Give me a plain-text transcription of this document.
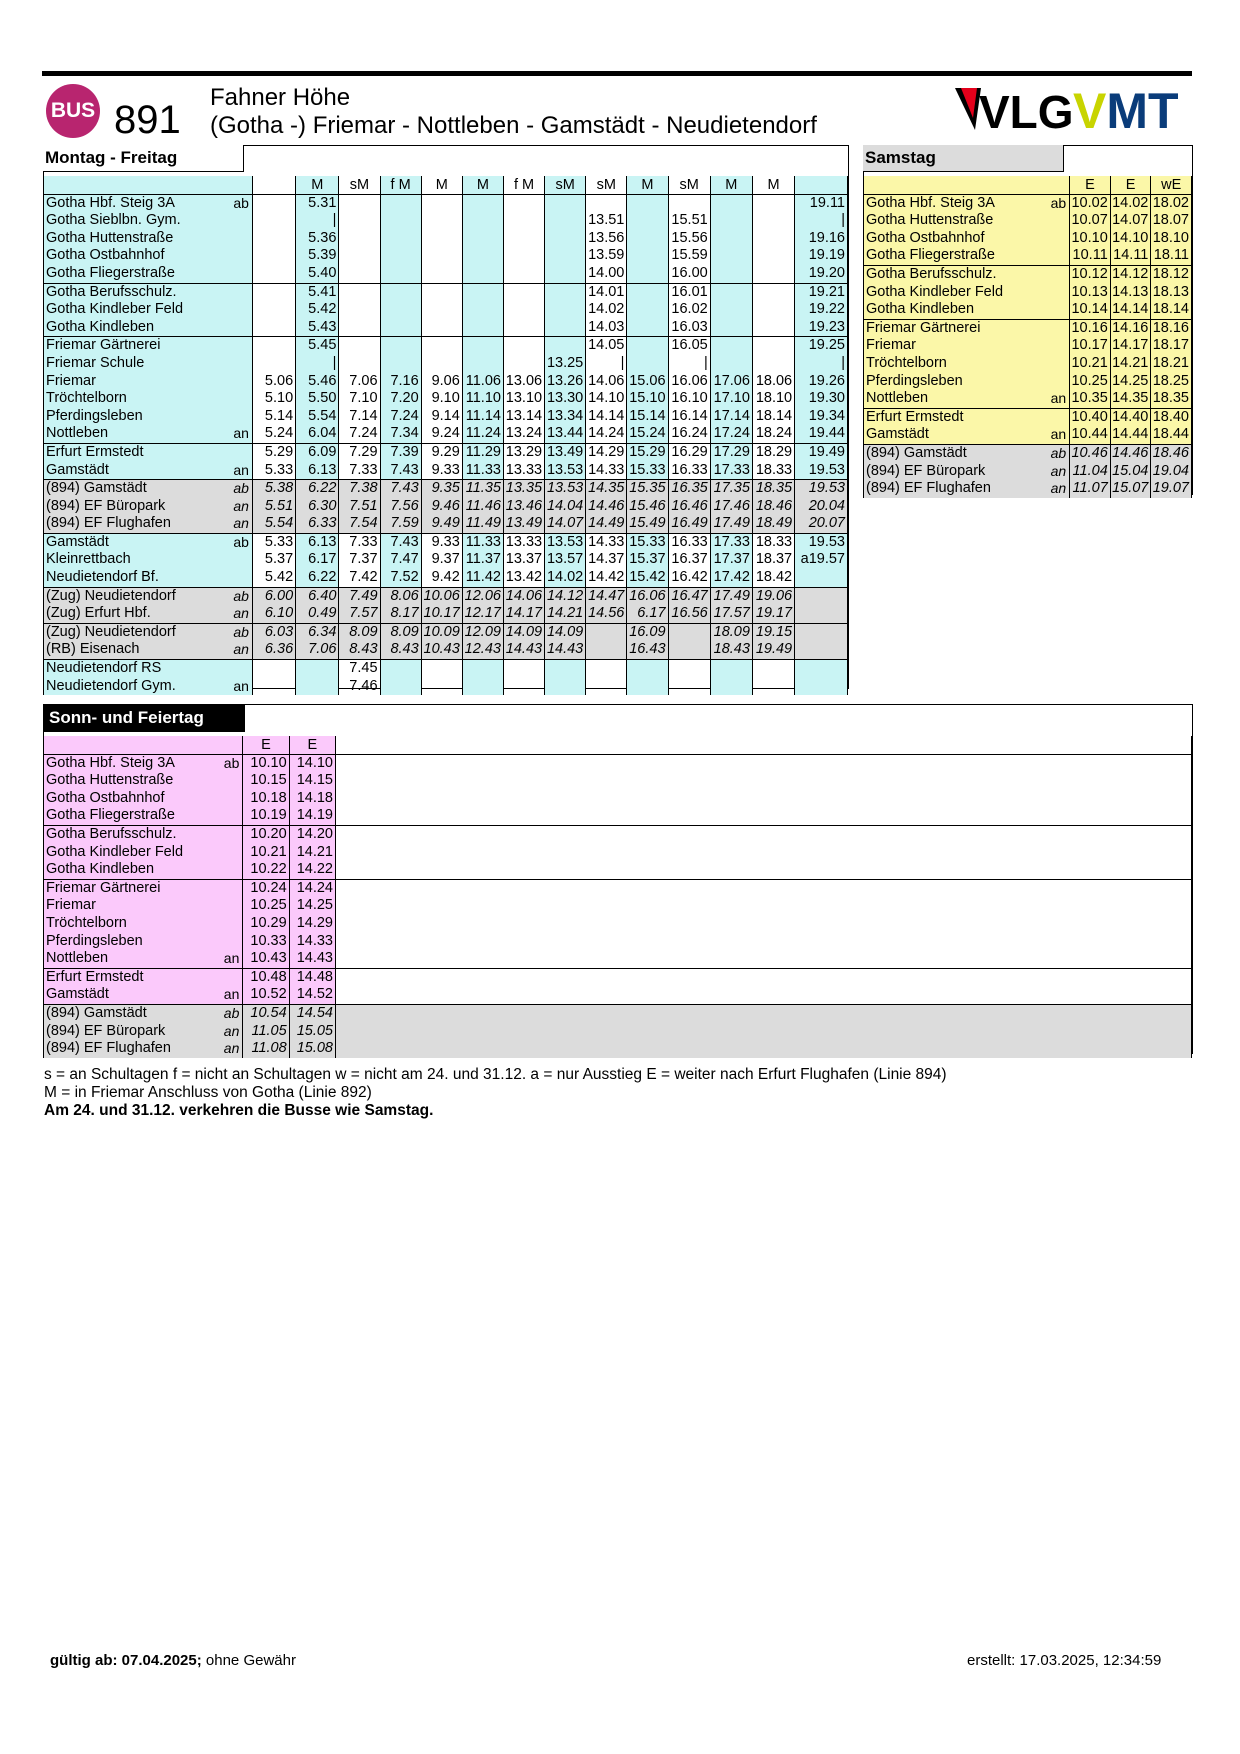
BUS 891
Fahner Höhe
(Gotha -) Friemar - Nottleben - Gamstädt - Neudietendorf	VLG VMT
Montag - Freitag
			M	sM	f M	M	M	f M	sM	sM	M	sM	M	M	
Gotha Hbf. Steig 3A	ab		5.31												19.11
Gotha Sieblbn. Gym.			|							13.51		15.51			|
Gotha Huttenstraße			5.36							13.56		15.56			19.16
Gotha Ostbahnhof			5.39							13.59		15.59			19.19
Gotha Fliegerstraße			5.40							14.00		16.00			19.20
Gotha Berufsschulz.			5.41							14.01		16.01			19.21
Gotha Kindleber Feld			5.42							14.02		16.02			19.22
Gotha Kindleben			5.43							14.03		16.03			19.23
Friemar Gärtnerei			5.45							14.05		16.05			19.25
Friemar Schule			|						13.25	|		|			|
Friemar		5.06	5.46	7.06	7.16	9.06	11.06	13.06	13.26	14.06	15.06	16.06	17.06	18.06	19.26
Tröchtelborn		5.10	5.50	7.10	7.20	9.10	11.10	13.10	13.30	14.10	15.10	16.10	17.10	18.10	19.30
Pferdingsleben		5.14	5.54	7.14	7.24	9.14	11.14	13.14	13.34	14.14	15.14	16.14	17.14	18.14	19.34
Nottleben	an	5.24	6.04	7.24	7.34	9.24	11.24	13.24	13.44	14.24	15.24	16.24	17.24	18.24	19.44
Erfurt Ermstedt		5.29	6.09	7.29	7.39	9.29	11.29	13.29	13.49	14.29	15.29	16.29	17.29	18.29	19.49
Gamstädt	an	5.33	6.13	7.33	7.43	9.33	11.33	13.33	13.53	14.33	15.33	16.33	17.33	18.33	19.53
(894) Gamstädt	ab	5.38	6.22	7.38	7.43	9.35	11.35	13.35	13.53	14.35	15.35	16.35	17.35	18.35	19.53
(894) EF Büropark	an	5.51	6.30	7.51	7.56	9.46	11.46	13.46	14.04	14.46	15.46	16.46	17.46	18.46	20.04
(894) EF Flughafen	an	5.54	6.33	7.54	7.59	9.49	11.49	13.49	14.07	14.49	15.49	16.49	17.49	18.49	20.07
Gamstädt	ab	5.33	6.13	7.33	7.43	9.33	11.33	13.33	13.53	14.33	15.33	16.33	17.33	18.33	19.53
Kleinrettbach		5.37	6.17	7.37	7.47	9.37	11.37	13.37	13.57	14.37	15.37	16.37	17.37	18.37	a19.57
Neudietendorf Bf.		5.42	6.22	7.42	7.52	9.42	11.42	13.42	14.02	14.42	15.42	16.42	17.42	18.42	
(Zug) Neudietendorf	ab	6.00	6.40	7.49	8.06	10.06	12.06	14.06	14.12	14.47	16.06	16.47	17.49	19.06	
(Zug) Erfurt Hbf.	an	6.10	0.49	7.57	8.17	10.17	12.17	14.17	14.21	14.56	6.17	16.56	17.57	19.17	
(Zug) Neudietendorf	ab	6.03	6.34	8.09	8.09	10.09	12.09	14.09	14.09		16.09		18.09	19.15	
(RB) Eisenach	an	6.36	7.06	8.43	8.43	10.43	12.43	14.43	14.43		16.43		18.43	19.49	
Neudietendorf RS				7.45											
Neudietendorf Gym.	an			7.46											
Samstag
		E	E	wE
Gotha Hbf. Steig 3A	ab	10.02	14.02	18.02
Gotha Huttenstraße		10.07	14.07	18.07
Gotha Ostbahnhof		10.10	14.10	18.10
Gotha Fliegerstraße		10.11	14.11	18.11
Gotha Berufsschulz.		10.12	14.12	18.12
Gotha Kindleber Feld		10.13	14.13	18.13
Gotha Kindleben		10.14	14.14	18.14
Friemar Gärtnerei		10.16	14.16	18.16
Friemar		10.17	14.17	18.17
Tröchtelborn		10.21	14.21	18.21
Pferdingsleben		10.25	14.25	18.25
Nottleben	an	10.35	14.35	18.35
Erfurt Ermstedt		10.40	14.40	18.40
Gamstädt	an	10.44	14.44	18.44
(894) Gamstädt	ab	10.46	14.46	18.46
(894) EF Büropark	an	11.04	15.04	19.04
(894) EF Flughafen	an	11.07	15.07	19.07
Sonn- und Feiertag
		E	E	
Gotha Hbf. Steig 3A	ab	10.10	14.10	
Gotha Huttenstraße		10.15	14.15	
Gotha Ostbahnhof		10.18	14.18	
Gotha Fliegerstraße		10.19	14.19	
Gotha Berufsschulz.		10.20	14.20	
Gotha Kindleber Feld		10.21	14.21	
Gotha Kindleben		10.22	14.22	
Friemar Gärtnerei		10.24	14.24	
Friemar		10.25	14.25	
Tröchtelborn		10.29	14.29	
Pferdingsleben		10.33	14.33	
Nottleben	an	10.43	14.43	
Erfurt Ermstedt		10.48	14.48	
Gamstädt	an	10.52	14.52	
(894) Gamstädt	ab	10.54	14.54	
(894) EF Büropark	an	11.05	15.05	
(894) EF Flughafen	an	11.08	15.08	
s = an Schultagen f = nicht an Schultagen w = nicht am 24. und 31.12. a = nur Ausstieg E = weiter nach Erfurt Flughafen (Linie 894)
M = in Friemar Anschluss von Gotha (Linie 892)
Am 24. und 31.12. verkehren die Busse wie Samstag.
gültig ab: 07.04.2025; ohne Gewähr	erstellt: 17.03.2025, 12:34:59
